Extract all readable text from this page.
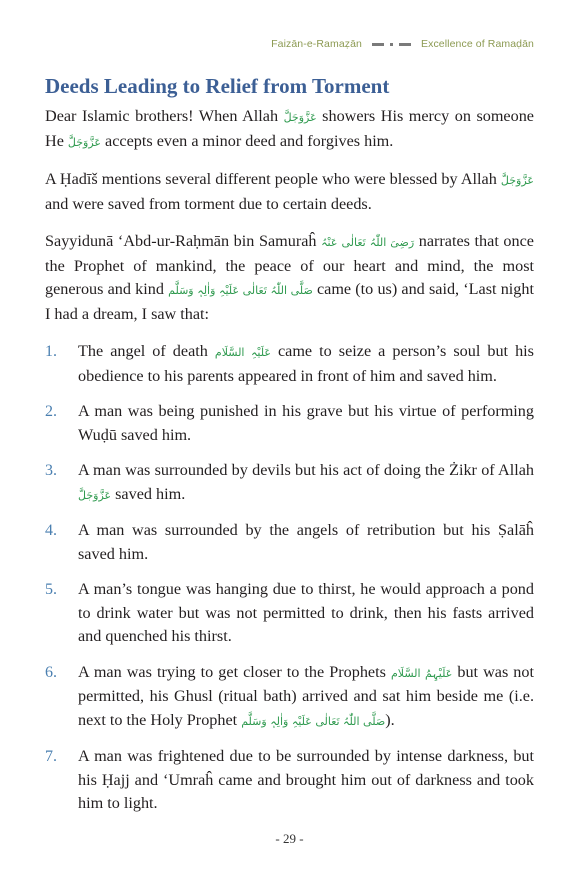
Faizān-e-Ramaẓān	Excellence of Ramaḍān
Deeds Leading to Relief from Torment

Dear Islamic brothers! When Allah عَزَّوَجَلَّ showers His mercy on someone He عَزَّوَجَلَّ accepts even a minor deed and forgives him.

A Ḥadīš mentions several different people who were blessed by Allah عَزَّوَجَلَّ and were saved from torment due to certain deeds.

Sayyidunā ‘Abd-ur-Raḥmān bin Samuraĥ رَضِیَ اللّٰہُ تَعَالٰی عَنْہُ narrates that once the Prophet of mankind, the peace of our heart and mind, the most generous and kind صَلَّی اللّٰہُ تَعَالٰی عَلَیْہِ وَاٰلِہٖ وَسَلَّم came (to us) and said, ‘Last night I had a dream, I saw that:

1.	The angel of death عَلَیْہِ السَّلَام came to seize a person’s soul but his obedience to his parents appeared in front of him and saved him.
2.	A man was being punished in his grave but his virtue of performing Wuḍū saved him.
3.	A man was surrounded by devils but his act of doing the Żikr of Allah عَزَّوَجَلَّ saved him.
4.	A man was surrounded by the angels of retribution but his Ṣalāĥ saved him.
5.	A man’s tongue was hanging due to thirst, he would approach a pond to drink water but was not permitted to drink, then his fasts arrived and quenched his thirst.
6.	A man was trying to get closer to the Prophets عَلَیْہِمُ السَّلَام but was not permitted, his Ghusl (ritual bath) arrived and sat him beside me (i.e. next to the Holy Prophet صَلَّی اللّٰہُ تَعَالٰی عَلَیْہِ وَاٰلِہٖ وَسَلَّم).
7.	A man was frightened due to be surrounded by intense darkness, but his Ḥajj and ‘Umraĥ came and brought him out of darkness and took him to light.
- 29 -
